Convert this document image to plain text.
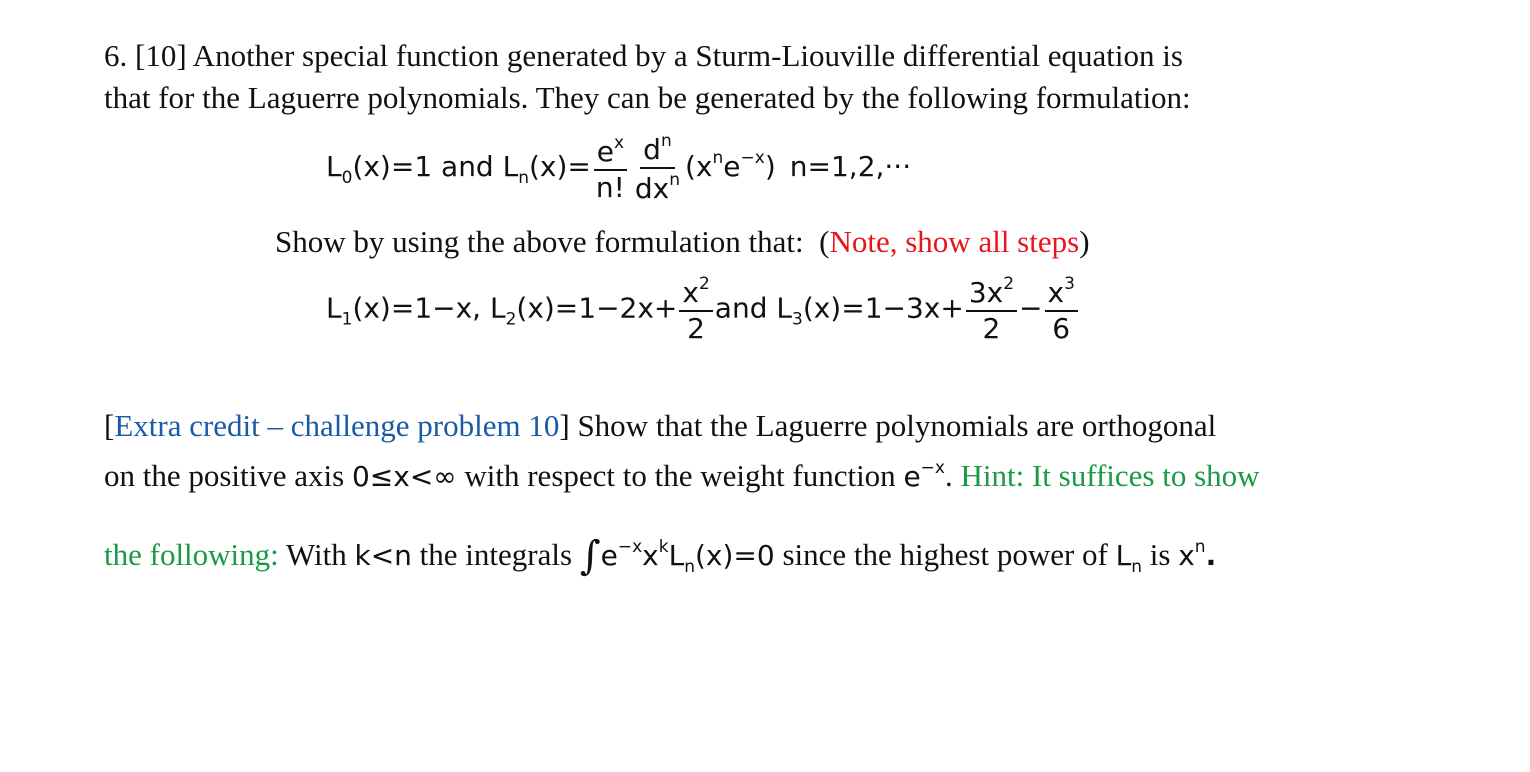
6. [10] Another special function generated by a Sturm-Liouville differential equation is
that for the Laguerre polynomials. They can be generated by the following formulation:
$L_0(x)=1$ and $L_n(x)= \frac{e^x}{n!} \frac{d^n}{dx^n} (x^ne^{-x})$ n=1,2,···
Show by using the above formulation that: (Note, show all steps)
$L_1(x)=1-x$, $L_2(x)=1-2x+ \frac{x^2}{2}$ and $L_3(x)=1-3x+ \frac{3x^2}{2} - \frac{x^3}{6}$
[Extra credit – challenge problem 10] Show that the Laguerre polynomials are orthogonal
on the positive axis 0≤x<∞ with respect to the weight function $e^{-x}$. Hint: It suffices to show
the following: With k<n the integrals $\int e^{-x}x^kL_n(x)=0$ since the highest power of $L_n$ is $x^n$.
